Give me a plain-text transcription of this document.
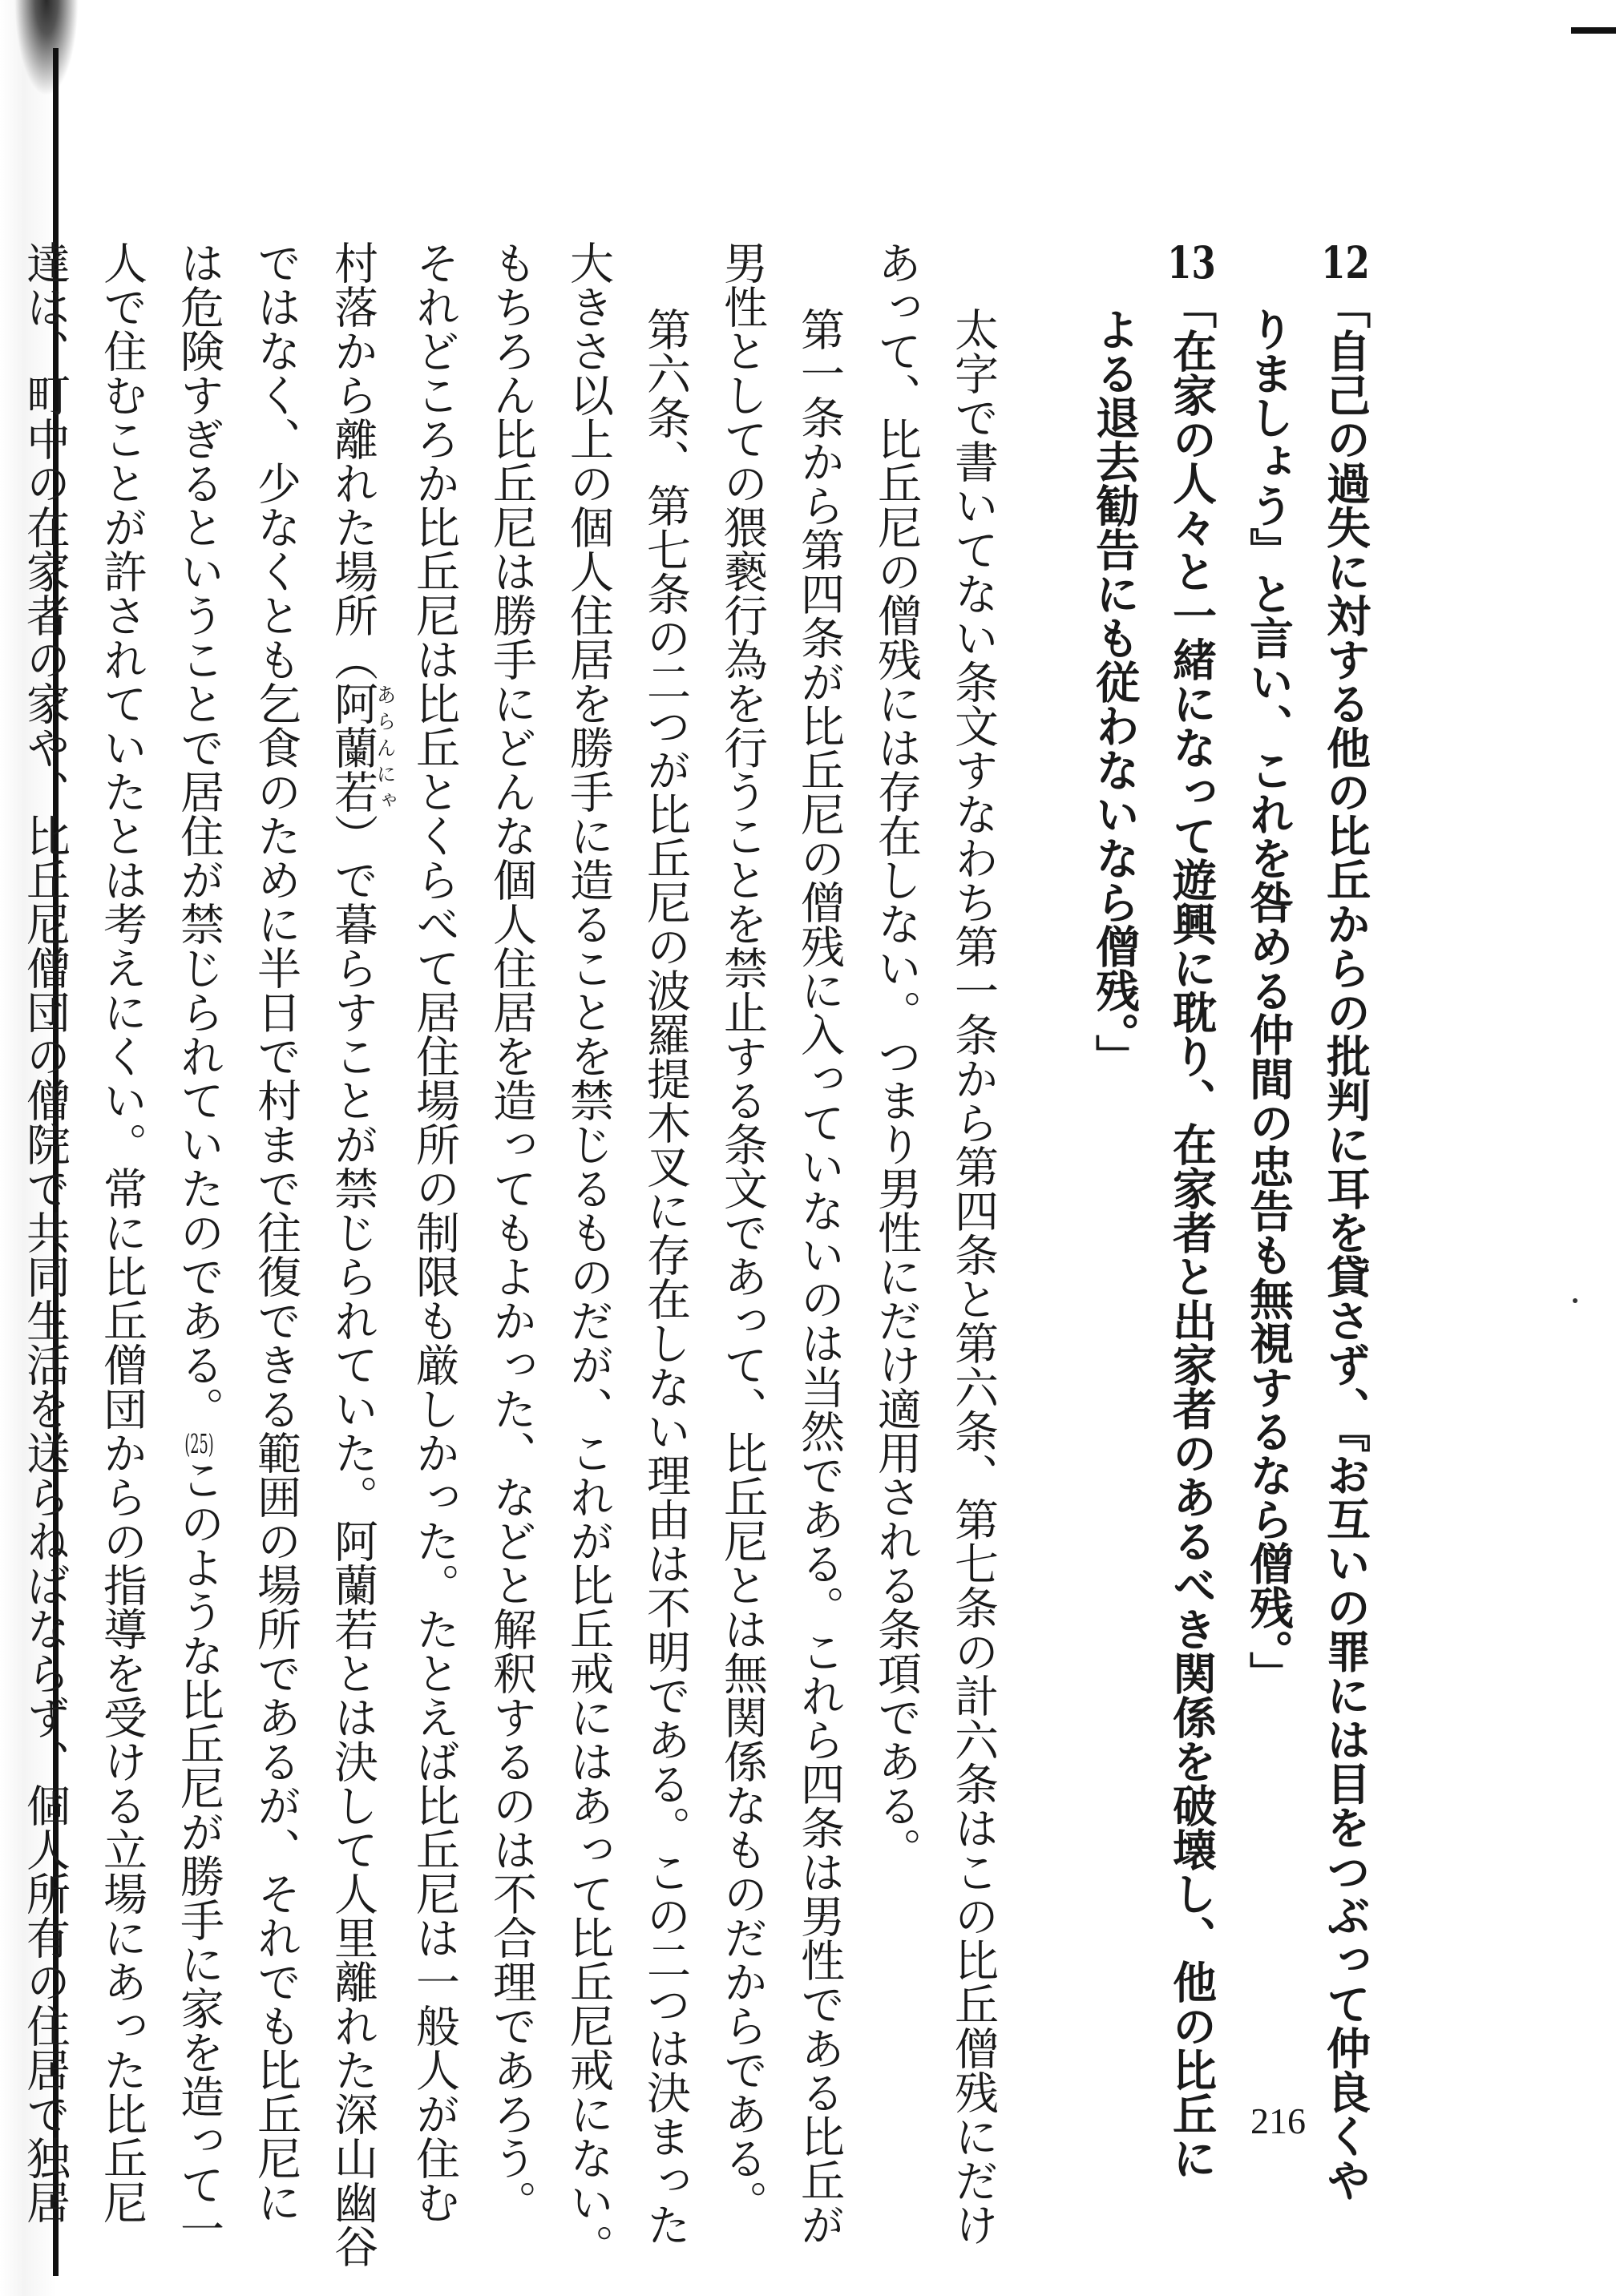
12「自己の過失に対する他の比丘からの批判に耳を貸さず、『お互いの罪には目をつぶって仲良くや

りましょう』と言い、これを咎める仲間の忠告も無視するなら僧残。」

13「在家の人々と一緒になって遊興に耽り、在家者と出家者のあるべき関係を破壊し、他の比丘に

よる退去勧告にも従わないなら僧残。」

太字で書いてない条文すなわち第一条から第四条と第六条、第七条の計六条はこの比丘僧残にだけ

あって、比丘尼の僧残には存在しない。つまり男性にだけ適用される条項である。

第一条から第四条が比丘尼の僧残に入っていないのは当然である。これら四条は男性である比丘が

男性としての猥褻行為を行うことを禁止する条文であって、比丘尼とは無関係なものだからである。

第六条、第七条の二つが比丘尼の波羅提木叉に存在しない理由は不明である。この二つは決まった

大きさ以上の個人住居を勝手に造ることを禁じるものだが、これが比丘戒にはあって比丘尼戒にない。

もちろん比丘尼は勝手にどんな個人住居を造ってもよかった、などと解釈するのは不合理であろう。

それどころか比丘尼は比丘とくらべて居住場所の制限も厳しかった。たとえば比丘尼は一般人が住む

村落から離れた場所（阿蘭若あらんにゃ）で暮らすことが禁じられていた。阿蘭若とは決して人里離れた深山幽谷

ではなく、少なくとも乞食のために半日で村まで往復できる範囲の場所であるが、それでも比丘尼に

は危険すぎるということで居住が禁じられていたのである。(25)このような比丘尼が勝手に家を造って一

人で住むことが許されていたとは考えにくい。常に比丘僧団からの指導を受ける立場にあった比丘尼

達は、町中の在家者の家や、比丘尼僧団の僧院で共同生活を送らねばならず、個人所有の住居で独居	216
